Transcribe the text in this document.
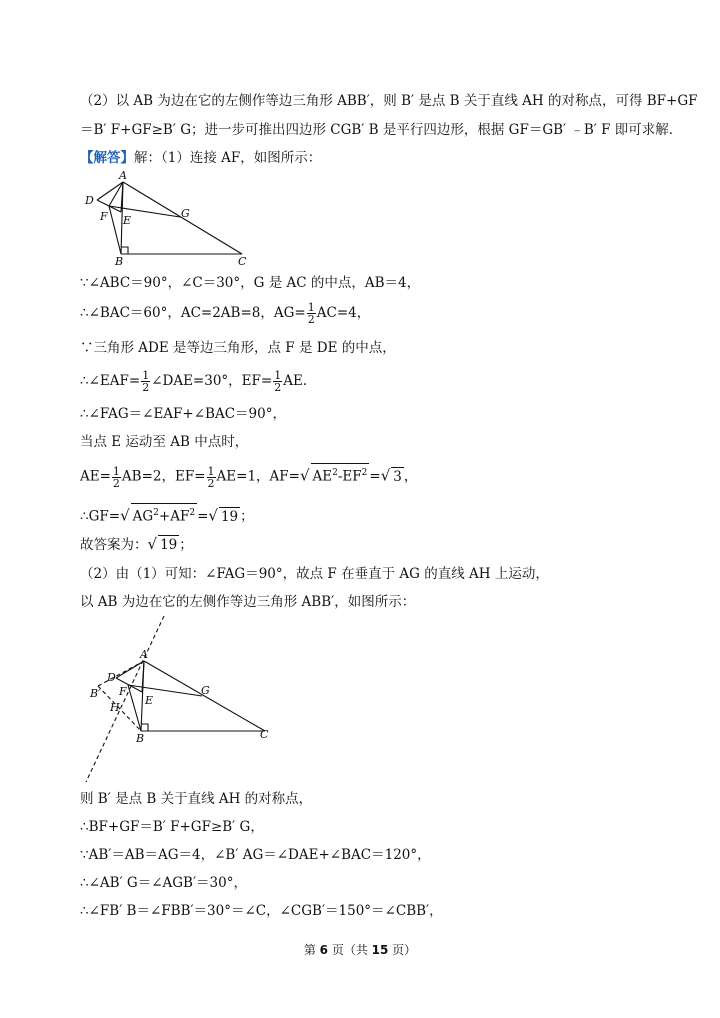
（2）以 AB 为边在它的左侧作等边三角形 ABB′，则 B′ 是点 B 关于直线 AH 的对称点，可得 BF+GF
＝B′ F+GF≥B′ G；进一步可推出四边形 CGB′ B 是平行四边形，根据 GF＝GB′ ﹣B′ F 即可求解．
【解答】解：（1）连接 AF，如图所示：
A
D
F E
G
B	C
∵∠ABC＝90°，∠C＝30°，G 是 AC 的中点，AB＝4，
∴∠BAC＝60°，AC=2AB=8，$AG= \frac{1}{2} AC=4$，
∵三角形 ADE 是等边三角形，点 F 是 DE 的中点，
∴∠EAF= $\frac{1}{2}$ ∠DAE=30°，$EF= \frac{1}{2}$ AE.
∴∠FAG＝∠EAF+∠BAC＝90°，
当点 E 运动至 AB 中点时，
$AE= \frac{1}{2} AB=2$，$EF= \frac{1}{2} AE=1$，AF=√ $AE^2-EF^2$ =√ 3 ，
∴GF=√ $AG^2+AF^2$ =√ 19 ；
故答案为：√ 19 ；
（2）由（1）可知：∠FAG＝90°，故点 F 在垂直于 AG 的直线 AH 上运动，
以 AB 为边在它的左侧作等边三角形 ABB′，如图所示：
A
D
B′ F
E
H
G
B	C
则 B′ 是点 B 关于直线 AH 的对称点，
∴BF+GF＝B′ F+GF≥B′ G，
∵AB′＝AB＝AG＝4，∠B′ AG＝∠DAE+∠BAC＝120°，
∴∠AB′ G＝∠AGB′＝30°，
∴∠FB′ B＝∠FBB′＝30°＝∠C，∠CGB′＝150°＝∠CBB′，
第 6 页（共 15 页）
